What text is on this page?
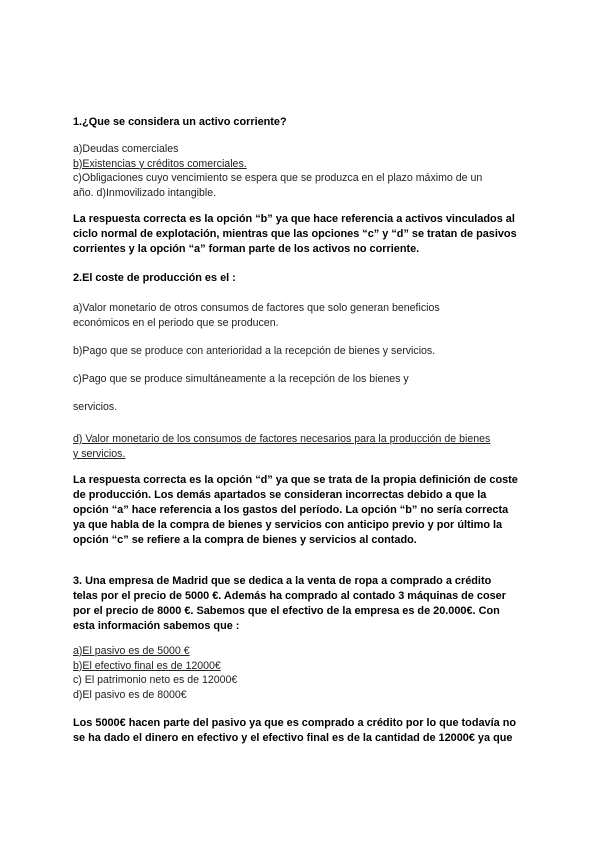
1.¿Que se considera un activo corriente?
a)Deudas comerciales
b)Existencias y créditos comerciales.
c)Obligaciones cuyo vencimiento se espera que se produzca en el plazo máximo de un
año. d)Inmovilizado intangible.
La respuesta correcta es la opción “b” ya que hace referencia a activos vinculados al
ciclo normal de explotación, mientras que las opciones “c” y “d” se tratan de pasivos
corrientes y la opción “a” forman parte de los activos no corriente.
2.El coste de producción es el :
a)Valor monetario de otros consumos de factores que solo generan beneficios
económicos en el periodo que se producen.
b)Pago que se produce con anterioridad a la recepción de bienes y servicios.
c)Pago que se produce simultáneamente a la recepción de los bienes y
servicios.
d) Valor monetario de los consumos de factores necesarios para la producción de bienes
y servicios.
La respuesta correcta es la opción “d” ya que se trata de la propia definición de coste
de producción. Los demás apartados se consideran incorrectas debido a que la
opción “a” hace referencia a los gastos del período. La opción “b” no sería correcta
ya que habla de la compra de bienes y servicios con anticipo previo y por último la
opción “c” se refiere a la compra de bienes y servicios al contado.
3. Una empresa de Madrid que se dedica a la venta de ropa a comprado a crédito
telas por el precio de 5000 €. Además ha comprado al contado 3 máquinas de coser
por el precio de 8000 €. Sabemos que el efectivo de la empresa es de 20.000€. Con
esta información sabemos que :
a)El pasivo es de 5000 €
b)El efectivo final es de 12000€
c) El patrimonio neto es de 12000€
d)El pasivo es de 8000€
Los 5000€ hacen parte del pasivo ya que es comprado a crédito por lo que todavía no
se ha dado el dinero en efectivo y el efectivo final es de la cantidad de 12000€ ya que
